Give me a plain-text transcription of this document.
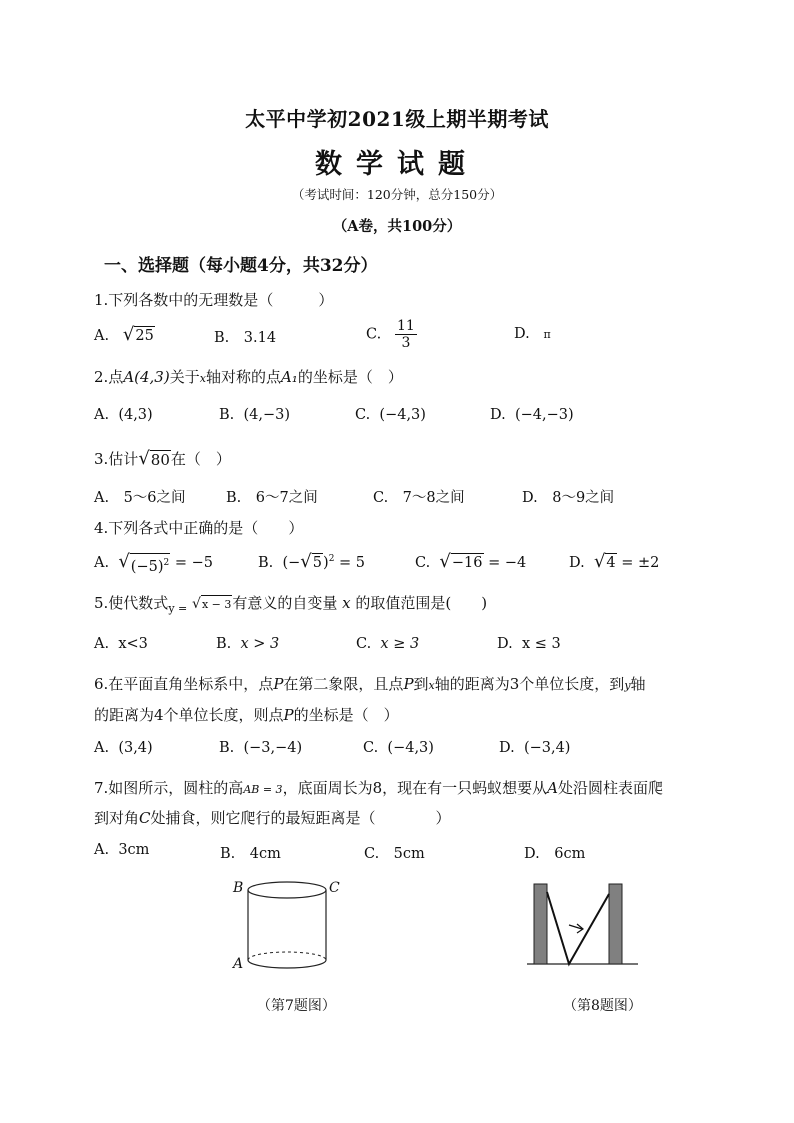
太平中学初2021级上期半期考试
数学试题
（考试时间：120分钟，总分150分）
（A卷，共100分）
一、选择题（每小题4分，共32分）
1.下列各数中的无理数是（　　　）
A. √ 25	B.　3.14	C. $\frac{11}{3}$	D. π
2.点A(4,3)关于x轴对称的点A₁的坐标是（　）
A. (4,3)	B. (4,−3)	C. (−4,3)	D. (−4,−3)
3.估计 √ 80 在（　）
A.　5～6之间	B.　6～7之间	C.　7～8之间	D.　8～9之间
4.下列各式中正确的是（　　）
A. √ $(-5)^2 = -5$	B. (− √ 5 )$^2$ = 5	C. √ −16 = −4	D. √ 4 = ±2
5.使代数式$_{y =}$ √ x − 3 有意义的自变量 x 的取值范围是(　　)
A. x<3	B. x > 3	C. x ≥ 3	D. x ≤ 3
6.在平面直角坐标系中，点P在第二象限，且点P到x轴的距离为3个单位长度，到y轴
的距离为4个单位长度，则点P的坐标是（　）
A. (3,4)	B. (−3,−4)	C. (−4,3)	D. (−3,4)
7.如图所示，圆柱的高AB = 3，底面周长为8，现在有一只蚂蚁想要从A处沿圆柱表面爬
到对角C处捕食，则它爬行的最短距离是（　　　　）
A. 3cm	B.　4cm	C.　5cm	D.　6cm
B	C
A
（第7题图）	（第8题图）
